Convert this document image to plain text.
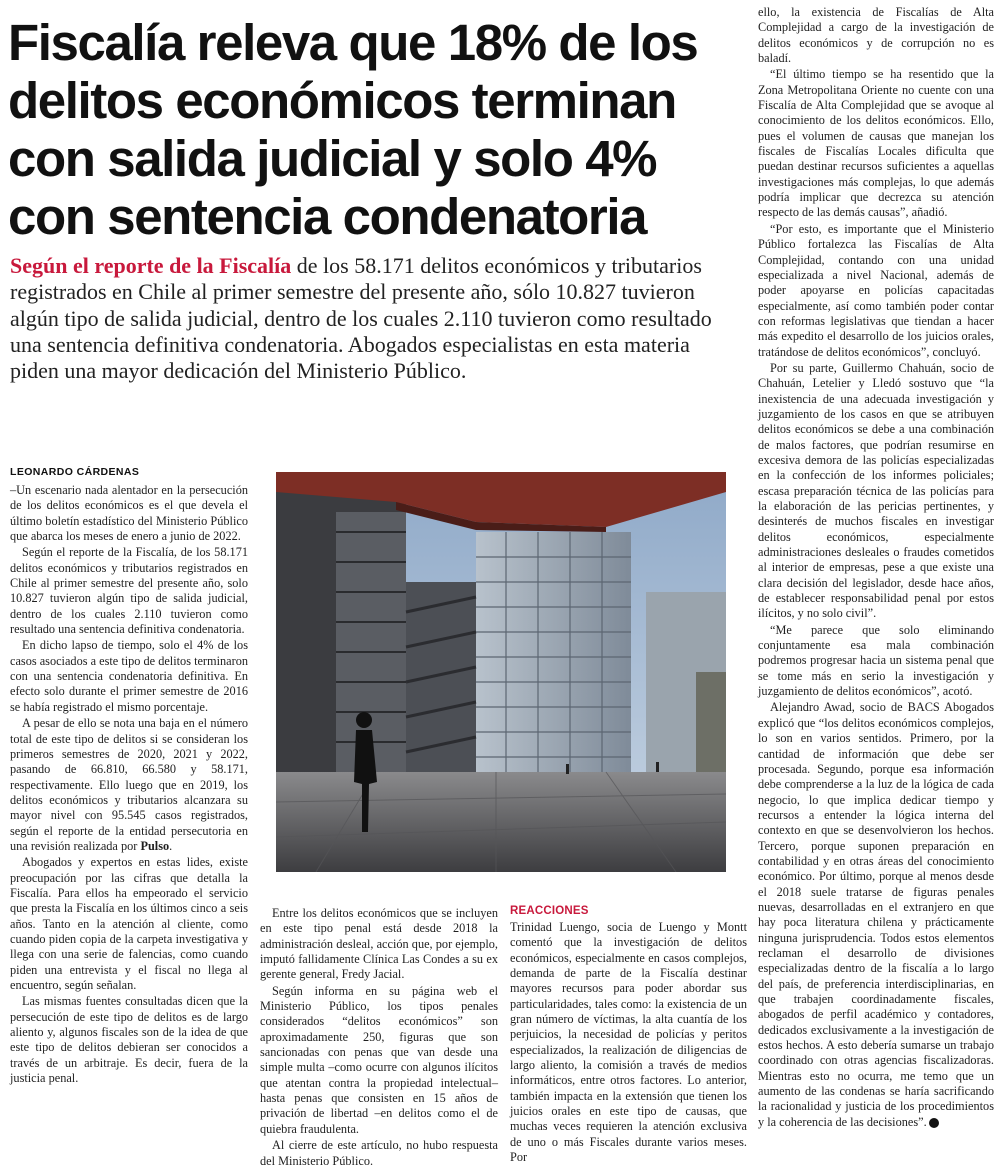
Fiscalía releva que 18% de los delitos económicos terminan con salida judicial y solo 4% con sentencia condenatoria
Según el reporte de la Fiscalía de los 58.171 delitos económicos y tributarios registrados en Chile al primer semestre del presente año, sólo 10.827 tuvieron algún tipo de salida judicial, dentro de los cuales 2.110 tuvieron como resultado una sentencia definitiva condenatoria. Abogados especialistas en esta materia piden una mayor dedicación del Ministerio Público.
LEONARDO CÁRDENAS

–Un escenario nada alentador en la persecución de los delitos económicos es el que devela el último boletín estadístico del Ministerio Público que abarca los meses de enero a junio de 2022.

Según el reporte de la Fiscalía, de los 58.171 delitos económicos y tributarios registrados en Chile al primer semestre del presente año, solo 10.827 tuvieron algún tipo de salida judicial, dentro de los cuales 2.110 tuvieron como resultado una sentencia definitiva condenatoria.

En dicho lapso de tiempo, solo el 4% de los casos asociados a este tipo de delitos terminaron con una sentencia condenatoria definitiva. En efecto solo durante el primer semestre de 2016 se había registrado el mismo porcentaje.

A pesar de ello se nota una baja en el número total de este tipo de delitos si se consideran los primeros semestres de 2020, 2021 y 2022, pasando de 66.810, 66.580 y 58.171, respectivamente. Ello luego que en 2019, los delitos económicos y tributarios alcanzara su mayor nivel con 95.545 casos registrados, según el reporte de la entidad persecutoria en una revisión realizada por Pulso.

Abogados y expertos en estas lides, existe preocupación por las cifras que detalla la Fiscalía. Para ellos ha empeorado el servicio que presta la Fiscalía en los últimos cinco a seis años. Tanto en la atención al cliente, como cuando piden copia de la carpeta investigativa y llega con una serie de falencias, como cuando piden una entrevista y el fiscal no llega al encuentro, según señalan.

Las mismas fuentes consultadas dicen que la persecución de este tipo de delitos es de largo aliento y, algunos fiscales son de la idea de que este tipo de delitos debieran ser conocidos a través de un arbitraje. Es decir, fuera de la justicia penal.

Entre los delitos económicos que se incluyen en este tipo penal está desde 2018 la administración desleal, acción que, por ejemplo, imputó fallidamente Clínica Las Condes a su ex gerente general, Fredy Jacial.

Según informa en su página web el Ministerio Público, los tipos penales considerados “delitos económicos” son aproximadamente 250, figuras que son sancionadas con penas que van desde una simple multa –como ocurre con algunos ilícitos que atentan contra la propiedad intelectual– hasta penas que consisten en 15 años de privación de libertad –en delitos como el de quiebra fraudulenta.

Al cierre de este artículo, no hubo respuesta del Ministerio Público.

REACCIONES

Trinidad Luengo, socia de Luengo y Montt comentó que la investigación de delitos económicos, especialmente en casos complejos, demanda de parte de la Fiscalía destinar mayores recursos para poder abordar sus particularidades, tales como: la existencia de un gran número de víctimas, la alta cuantía de los perjuicios, la necesidad de policías y peritos especializados, la realización de diligencias de largo aliento, la comisión a través de medios informáticos, entre otros factores. Lo anterior, también impacta en la extensión que tienen los juicios orales en este tipo de causas, que muchas veces requieren la atención exclusiva de uno o más Fiscales durante varios meses. Por

ello, la existencia de Fiscalías de Alta Complejidad a cargo de la investigación de delitos económicos y de corrupción no es baladí.

“El último tiempo se ha resentido que la Zona Metropolitana Oriente no cuente con una Fiscalía de Alta Complejidad que se avoque al conocimiento de los delitos económicos. Ello, pues el volumen de causas que manejan los fiscales de Fiscalías Locales dificulta que puedan destinar recursos suficientes a aquellas investigaciones más complejas, lo que además podría implicar que decrezca su atención respecto de las demás causas”, añadió.

“Por esto, es importante que el Ministerio Público fortalezca las Fiscalías de Alta Complejidad, contando con una unidad especializada a nivel Nacional, además de poder apoyarse en policías capacitadas especialmente, así como también poder contar con reformas legislativas que tiendan a hacer más expedito el desarrollo de los juicios orales, tratándose de delitos económicos”, concluyó.

Por su parte, Guillermo Chahuán, socio de Chahuán, Letelier y Lledó sostuvo que “la inexistencia de una adecuada investigación y juzgamiento de los casos en que se atribuyen delitos económicos se debe a una combinación de malos factores, que podrían resumirse en excesiva demora de las policías especializadas en la confección de los informes policiales; escasa preparación técnica de las policías para la elaboración de las pericias pertinentes, y desinterés de muchos fiscales en investigar delitos económicos, especialmente administraciones desleales o fraudes cometidos al interior de empresas, pese a que existe una clara decisión del legislador, desde hace años, de establecer responsabilidad penal por estos ilícitos, y no solo civil”.

“Me parece que solo eliminando conjuntamente esa mala combinación podremos progresar hacia un sistema penal que se tome más en serio la investigación y juzgamiento de delitos económicos”, acotó.

Alejandro Awad, socio de BACS Abogados explicó que “los delitos económicos complejos, lo son en varios sentidos. Primero, por la cantidad de información que debe ser procesada. Segundo, porque esa información debe comprenderse a la luz de la lógica de cada negocio, lo que implica dedicar tiempo y recursos a entender la lógica interna del contexto en que se desenvolvieron los hechos. Tercero, porque suponen preparación en contabilidad y en otras áreas del conocimiento económico. Por último, porque al menos desde el 2018 suele tratarse de figuras penales nuevas, desarrolladas en el extranjero en que hay poca literatura chilena y prácticamente ninguna jurisprudencia. Todos estos elementos reclaman el desarrollo de divisiones especializadas dentro de la fiscalía a lo largo del país, de preferencia interdisciplinarias, en que trabajen coordinadamente fiscales, abogados de perfil académico y contadores, dedicados exclusivamente a la investigación de estos hechos. A esto debería sumarse un trabajo coordinado con otras agencias fiscalizadoras. Mientras esto no ocurra, me temo que un aumento de las condenas se haría sacrificando la racionalidad y justicia de los procedimientos y la coherencia de las decisiones”.
